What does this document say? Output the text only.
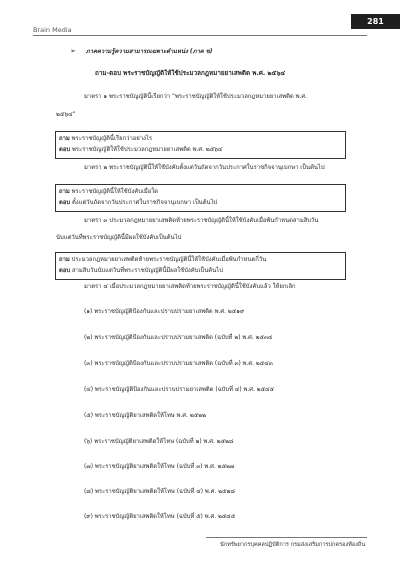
Brain Media
281
➢ ภาคความรู้ความสามารถเฉพาะตำแหน่ง (ภาค ข)
ถาม-ตอบ พระราชบัญญัติให้ใช้ประมวลกฎหมายยาเสพติด พ.ศ. ๒๕๖๔
มาตรา ๑ พระราชบัญญัตินี้เรียกว่า “พระราชบัญญัติให้ใช้ประมวลกฎหมายยาเสพติด พ.ศ.
๒๕๖๔”
ถาม พระราชบัญญัตินี้เรียกว่าอย่างไร
ตอบ พระราชบัญญัติให้ใช้ประมวลกฎหมายยาเสพติด พ.ศ. ๒๕๖๔
มาตรา ๒ พระราชบัญญัตินี้ให้ใช้บังคับตั้งแต่วันถัดจากวันประกาศในราชกิจจานุเบกษา เป็นต้นไป
ถาม พระราชบัญญัตินี้ให้ใช้บังคับเมื่อใด
ตอบ ตั้งแต่วันถัดจากวันประกาศในราชกิจจานุเบกษา เป็นต้นไป
มาตรา ๓ ประมวลกฎหมายยาเสพติดท้ายพระราชบัญญัตินี้ให้ใช้บังคับเมื่อพ้นกำหนดสามสิบวัน
นับแต่วันที่พระราชบัญญัตินี้มีผลใช้บังคับเป็นต้นไป
ถาม ประมวลกฎหมายยาเสพติดท้ายพระราชบัญญัตินี้ให้ใช้บังคับเมื่อพ้นกำหนดกี่วัน
ตอบ สามสิบวันนับแต่วันที่พระราชบัญญัตินี้มีผลใช้บังคับเป็นต้นไป
มาตรา ๔ เมื่อประมวลกฎหมายยาเสพติดท้ายพระราชบัญญัตินี้ใช้บังคับแล้ว ให้ยกเลิก
(๑) พระราชบัญญัติป้องกันและปราบปรามยาเสพติด พ.ศ. ๒๕๑๙
(๒) พระราชบัญญัติป้องกันและปราบปรามยาเสพติด (ฉบับที่ ๒) พ.ศ. ๒๕๓๔
(๓) พระราชบัญญัติป้องกันและปราบปรามยาเสพติด (ฉบับที่ ๓) พ.ศ. ๒๕๔๓
(๔) พระราชบัญญัติป้องกันและปราบปรามยาเสพติด (ฉบับที่ ๔) พ.ศ. ๒๕๔๕
(๕) พระราชบัญญัติยาเสพติดให้โทษ พ.ศ. ๒๕๒๒
(๖) พระราชบัญญัติยาเสพติดให้โทษ (ฉบับที่ ๒) พ.ศ. ๒๕๒๘
(๗) พระราชบัญญัติยาเสพติดให้โทษ (ฉบับที่ ๓) พ.ศ. ๒๕๒๗
(๘) พระราชบัญญัติยาเสพติดให้โทษ (ฉบับที่ ๔) พ.ศ. ๒๕๒๘
(๙) พระราชบัญญัติยาเสพติดให้โทษ (ฉบับที่ ๕) พ.ศ. ๒๕๔๕
นักทรัพยากรบุคคลปฏิบัติการ กรมส่งเสริมการปกครองท้องถิ่น
